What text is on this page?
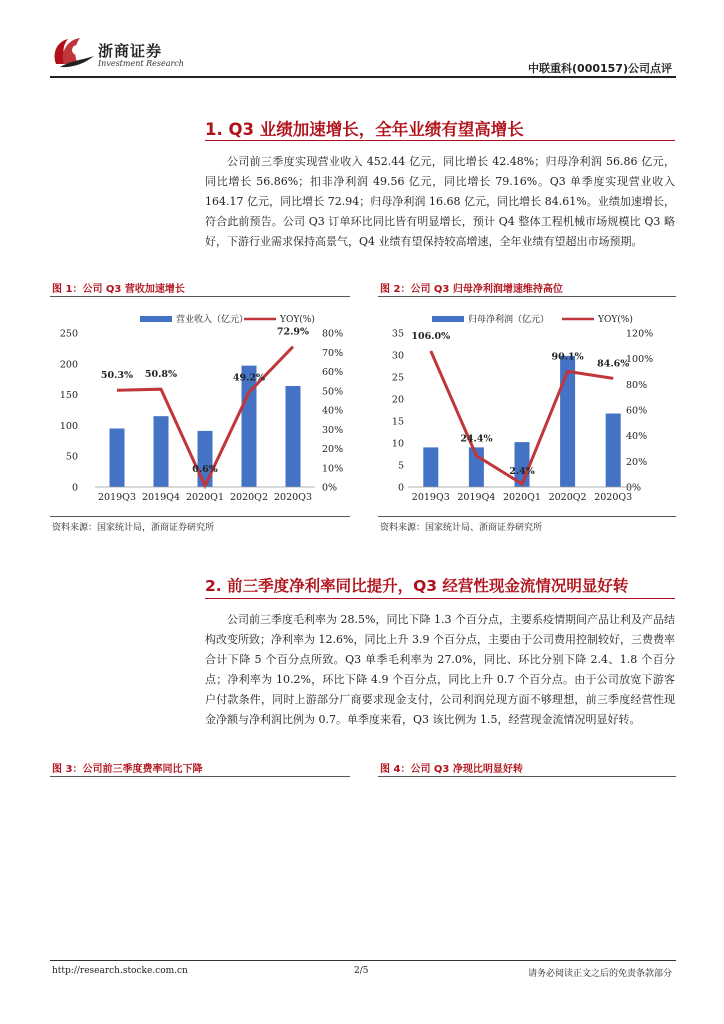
浙商证券
Investment Research	中联重科(000157)公司点评
1. Q3 业绩加速增长，全年业绩有望高增长

公司前三季度实现营业收入 452.44 亿元，同比增长 42.48%；归母净利润 56.86 亿元，同比增长 56.86%；扣非净利润 49.56 亿元，同比增长 79.16%。Q3 单季度实现营业收入 164.17 亿元，同比增长 72.94；归母净利润 16.68 亿元，同比增长 84.61%。业绩加速增长，符合此前预告。公司 Q3 订单环比同比皆有明显增长，预计 Q4 整体工程机械市场规模比 Q3 略好，下游行业需求保持高景气，Q4 业绩有望保持较高增速，全年业绩有望超出市场预期。

图 1：公司 Q3 营收加速增长	图 2：公司 Q3 归母净利润增速维持高位
0
50
100
150
200
250
0%
10%
20%
30%
40%
50%
60%
70%
80%
2019Q3 2019Q4 2020Q1 2020Q2 2020Q3
50.3% 50.8%
0.6%
49.2%
72.9%
营业收入（亿元）	YOY(%)
0
5
10
15
20
25
30
35
0%
20%
40%
60%
80%
100%
120%
2019Q3 2019Q4 2020Q1 2020Q2 2020Q3
106.0%
24.4%
2.4%
90.1%
84.6%
归母净利润（亿元）	YOY(%)
资料来源：国家统计局，浙商证券研究所	资料来源：国家统计局、浙商证券研究所
2. 前三季度净利率同比提升，Q3 经营性现金流情况明显好转

公司前三季度毛利率为 28.5%，同比下降 1.3 个百分点，主要系疫情期间产品让利及产品结构改变所致；净利率为 12.6%，同比上升 3.9 个百分点，主要由于公司费用控制较好，三费费率合计下降 5 个百分点所致。Q3 单季毛利率为 27.0%，同比、环比分别下降 2.4、1.8 个百分点；净利率为 10.2%，环比下降 4.9 个百分点，同比上升 0.7 个百分点。由于公司放宽下游客户付款条件，同时上游部分厂商要求现金支付，公司利润兑现方面不够理想，前三季度经营性现金净额与净利润比例为 0.7。单季度来看，Q3 该比例为 1.5，经营现金流情况明显好转。

图 3：公司前三季度费率同比下降	图 4：公司 Q3 净现比明显好转
http://research.stocke.com.cn	2/5	请务必阅读正文之后的免责条款部分
